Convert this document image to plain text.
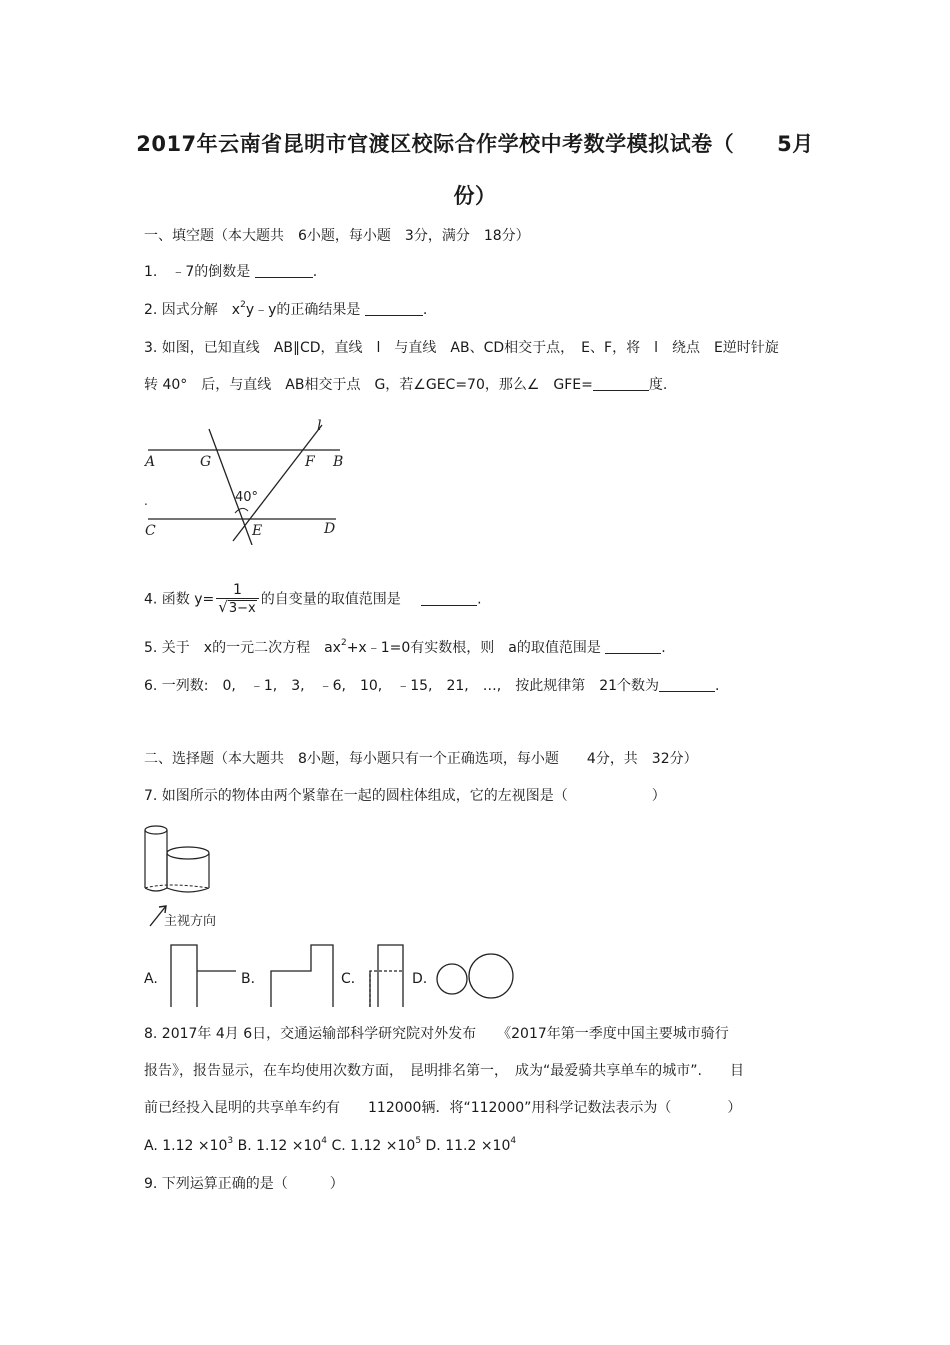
2017年云南省昆明市官渡区校际合作学校中考数学模拟试卷（　　5月
份）
一、填空题（本大题共　6小题，每小题　3分，满分　18分）
1.　﹣7的倒数是	.
2. 因式分解　$x^2y﹣y$的正确结果是	.
3. 如图，已知直线　AB∥CD，直线　l　与直线　AB、CD相交于点，　E、F，将　l　绕点　E逆时针旋
转 40°　后，与直线　AB相交于点　G，若∠GEC=70，那么∠　GFE=	度.
A	G	F B
l
40°
C	E	D
.
4. 函数 $y= \frac{1}{√3-x}$ 的自变量的取值范围是	.
5. 关于　x的一元二次方程　$ax^2+x﹣1=0$有实数根，则　a的取值范围是	.
6. 一列数:　0,　﹣1,　3,　﹣6,　10,　﹣15,　21,　…,　按此规律第　21个数为	.
二、选择题（本大题共　8小题，每小题只有一个正确选项，每小题　　4分，共　32分）
7. 如图所示的物体由两个紧靠在一起的圆柱体组成，它的左视图是（　　　　　　）
主视方向
A.	B．	C．	D.
8. 2017年 4月 6日，交通运输部科学研究院对外发布　　《2017年第一季度中国主要城市骑行
报告》，报告显示，在车均使用次数方面，　昆明排名第一，　成为“最爱骑共享单车的城市”.　　目
前已经投入昆明的共享单车约有　　112000辆．将“112000”用科学记数法表示为（　　　　）
A. $1.12 \times 10^3$ B. $1.12 \times 10^4$ C. $1.12 \times 10^5$ D. $11.2 \times 10^4$
9. 下列运算正确的是（　　　）
